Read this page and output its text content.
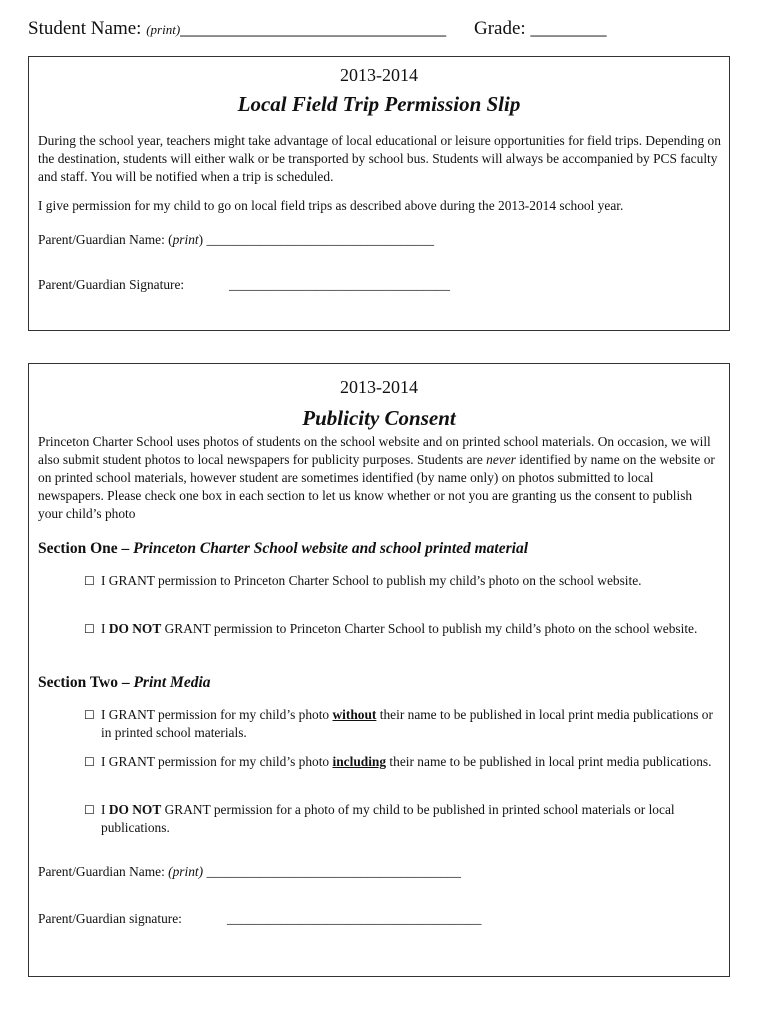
Student Name: (print)____________________________ Grade: ________
2013-2014
Local Field Trip Permission Slip

During the school year, teachers might take advantage of local educational or leisure opportunities for field trips. Depending on the destination, students will either walk or be transported by school bus. Students will always be accompanied by PCS faculty and staff. You will be notified when a trip is scheduled.

I give permission for my child to go on local field trips as described above during the 2013-2014 school year.

Parent/Guardian Name: (print) __________________________________
Parent/Guardian Signature:	_________________________________
2013-2014
Publicity Consent

Princeton Charter School uses photos of students on the school website and on printed school materials. On occasion, we will also submit student photos to local newspapers for publicity purposes. Students are never identified by name on the website or on printed school materials, however student are sometimes identified (by name only) on photos submitted to local newspapers. Please check one box in each section to let us know whether or not you are granting us the consent to publish your child’s photo

Section One – Princeton Charter School website and school printed material
☐ I GRANT permission to Princeton Charter School to publish my child’s photo on the school website.
☐ I DO NOT GRANT permission to Princeton Charter School to publish my child’s photo on the school website.
Section Two – Print Media
☐ I GRANT permission for my child’s photo without their name to be published in local print media publications or in printed school materials.
☐ I GRANT permission for my child’s photo including their name to be published in local print media publications.
☐ I DO NOT GRANT permission for a photo of my child to be published in printed school materials or local publications.
Parent/Guardian Name: (print) ______________________________________
Parent/Guardian signature:	______________________________________
